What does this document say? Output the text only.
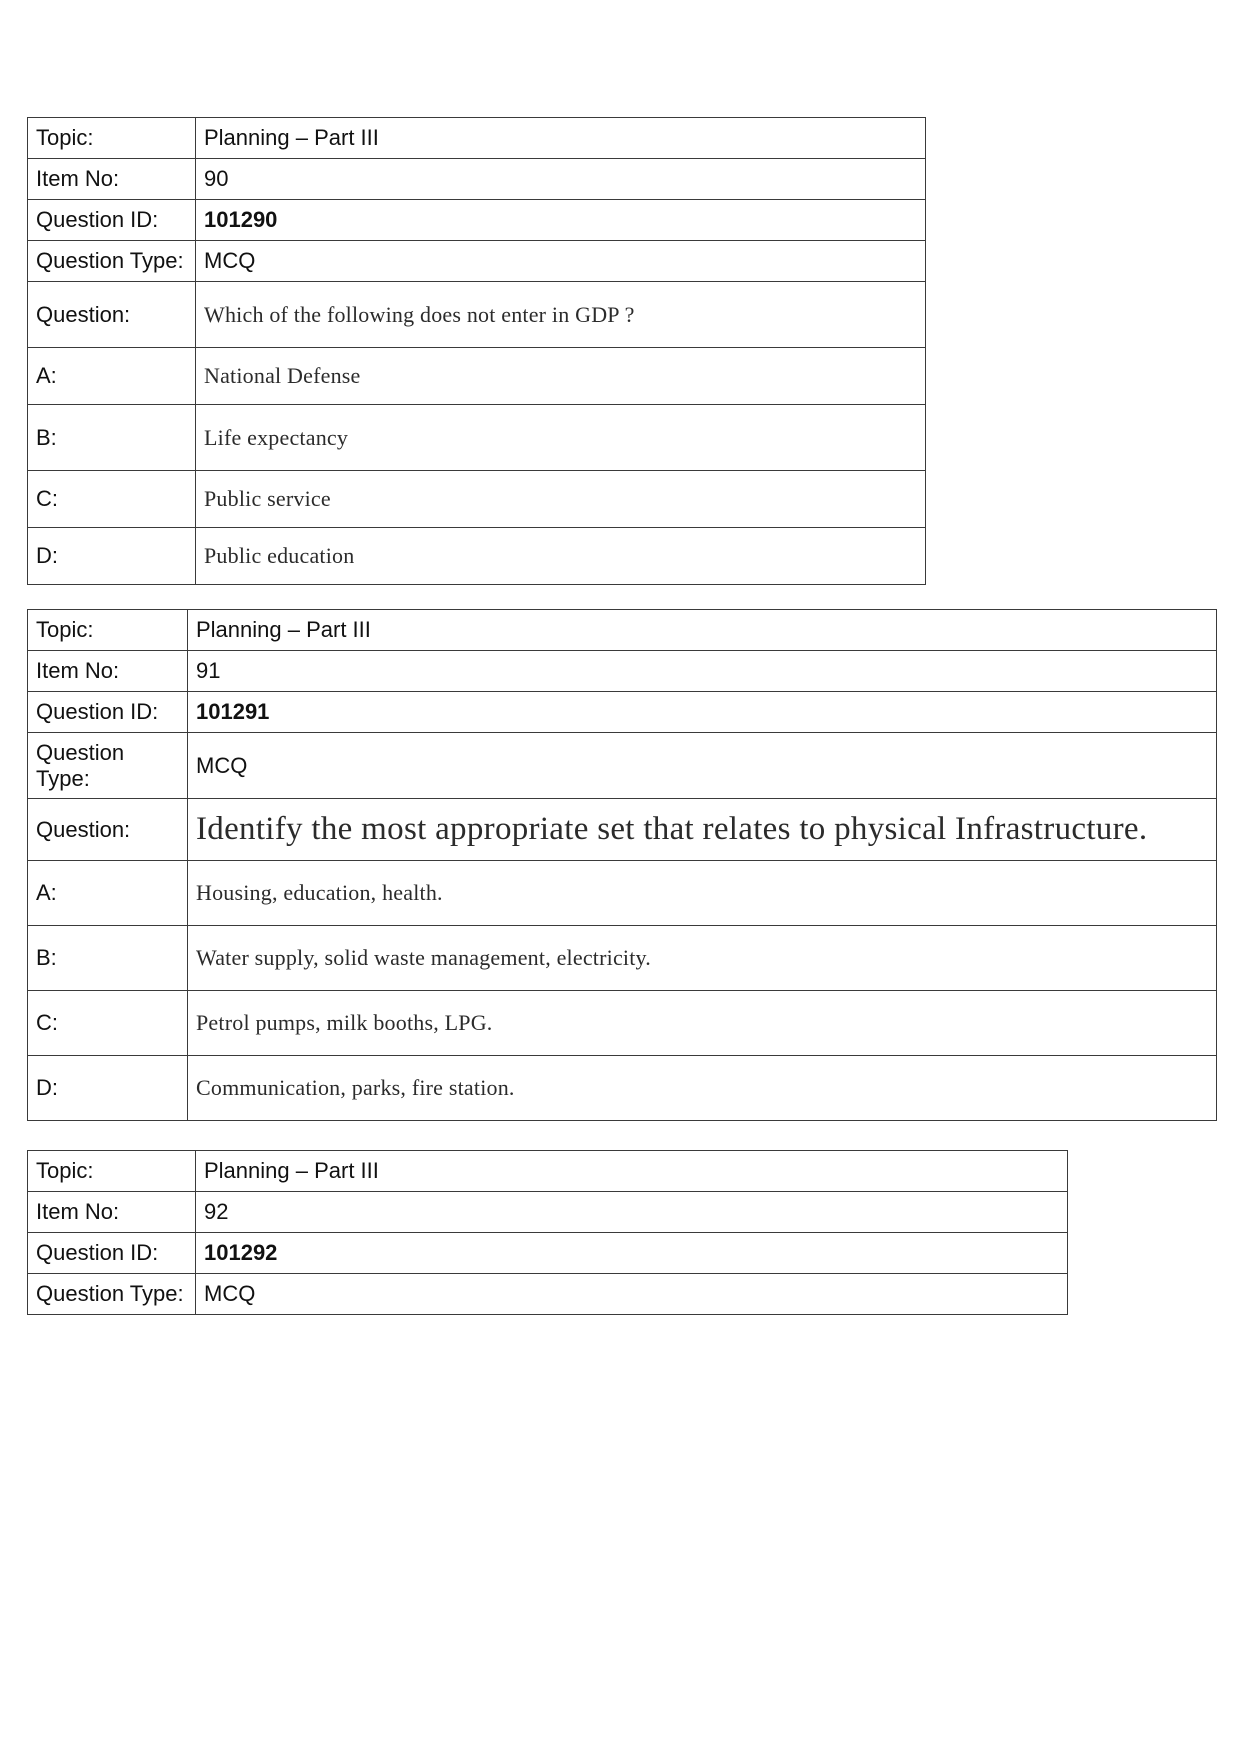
Topic:	Planning – Part III
Item No:	90
Question ID:	101290
Question Type:	MCQ
Question:	Which of the following does not enter in GDP ?
A:	National Defense
B:	Life expectancy
C:	Public service
D:	Public education
Topic:	Planning – Part III
Item No:	91
Question ID:	101291
Question Type:	MCQ
Question:	Identify the most appropriate set that relates to physical Infrastructure.
A:	Housing, education, health.
B:	Water supply, solid waste management, electricity.
C:	Petrol pumps, milk booths, LPG.
D:	Communication, parks, fire station.
Topic:	Planning – Part III
Item No:	92
Question ID:	101292
Question Type:	MCQ
